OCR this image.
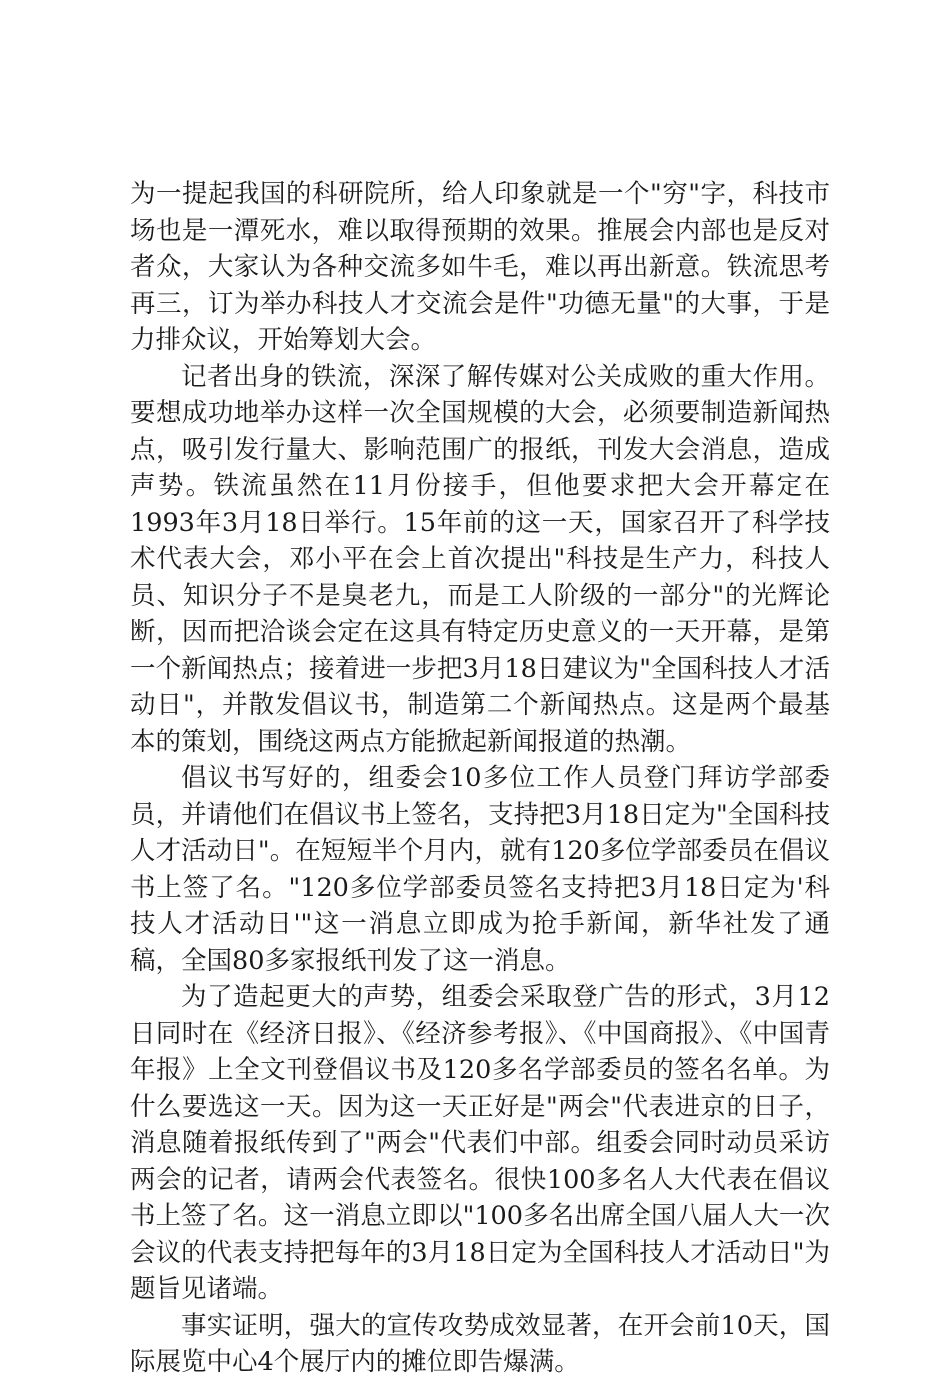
为一提起我国的科研院所，给人印象就是一个"穷"字，科技市场也是一潭死水，难以取得预期的效果。推展会内部也是反对者众，大家认为各种交流多如牛毛，难以再出新意。铁流思考再三，订为举办科技人才交流会是件"功德无量"的大事，于是力排众议，开始筹划大会。

记者出身的铁流，深深了解传媒对公关成败的重大作用。要想成功地举办这样一次全国规模的大会，必须要制造新闻热点，吸引发行量大、影响范围广的报纸，刊发大会消息，造成声势。铁流虽然在11月份接手，但他要求把大会开幕定在1993年3月18日举行。15年前的这一天，国家召开了科学技术代表大会，邓小平在会上首次提出"科技是生产力，科技人员、知识分子不是臭老九，而是工人阶级的一部分"的光辉论断，因而把洽谈会定在这具有特定历史意义的一天开幕，是第一个新闻热点；接着进一步把3月18日建议为"全国科技人才活动日"，并散发倡议书，制造第二个新闻热点。这是两个最基本的策划，围绕这两点方能掀起新闻报道的热潮。

倡议书写好的，组委会10多位工作人员登门拜访学部委员，并请他们在倡议书上签名，支持把3月18日定为"全国科技人才活动日"。在短短半个月内，就有120多位学部委员在倡议书上签了名。"120多位学部委员签名支持把3月18日定为'科技人才活动日'"这一消息立即成为抢手新闻，新华社发了通稿，全国80多家报纸刊发了这一消息。

为了造起更大的声势，组委会采取登广告的形式，3月12日同时在《经济日报》、《经济参考报》、《中国商报》、《中国青年报》上全文刊登倡议书及120多名学部委员的签名名单。为什么要选这一天。因为这一天正好是"两会"代表进京的日子，消息随着报纸传到了"两会"代表们中部。组委会同时动员采访两会的记者，请两会代表签名。很快100多名人大代表在倡议书上签了名。这一消息立即以"100多名出席全国八届人大一次会议的代表支持把每年的3月18日定为全国科技人才活动日"为题旨见诸端。

事实证明，强大的宣传攻势成效显著，在开会前10天，国际展览中心4个展厅内的摊位即告爆满。
